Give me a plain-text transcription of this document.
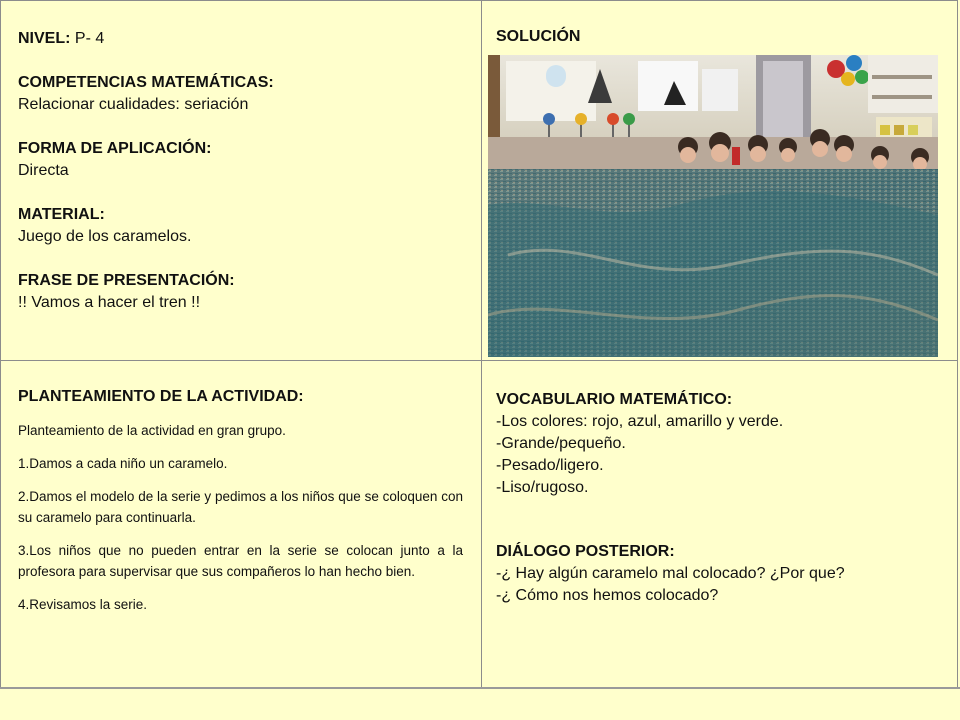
NIVEL: P- 4

COMPETENCIAS MATEMÁTICAS:

Relacionar cualidades: seriación

FORMA DE APLICACIÓN:

Directa

MATERIAL:

Juego de los caramelos.

FRASE DE PRESENTACIÓN:

!! Vamos a hacer el tren !!

SOLUCIÓN

PLANTEAMIENTO DE LA ACTIVIDAD:

Planteamiento de la actividad en gran grupo.

1.Damos a cada niño un caramelo.

2.Damos el modelo de la serie y pedimos a los niños que se coloquen con su caramelo para continuarla.

3.Los niños que no pueden entrar en la serie se colocan junto a la profesora para supervisar que sus compañeros lo han hecho bien.

4.Revisamos la serie.

VOCABULARIO MATEMÁTICO:

-Los colores: rojo, azul, amarillo y verde.

-Grande/pequeño.

-Pesado/ligero.

-Liso/rugoso.

DIÁLOGO POSTERIOR:

-¿ Hay algún caramelo mal colocado? ¿Por que?

-¿ Cómo nos hemos colocado?
